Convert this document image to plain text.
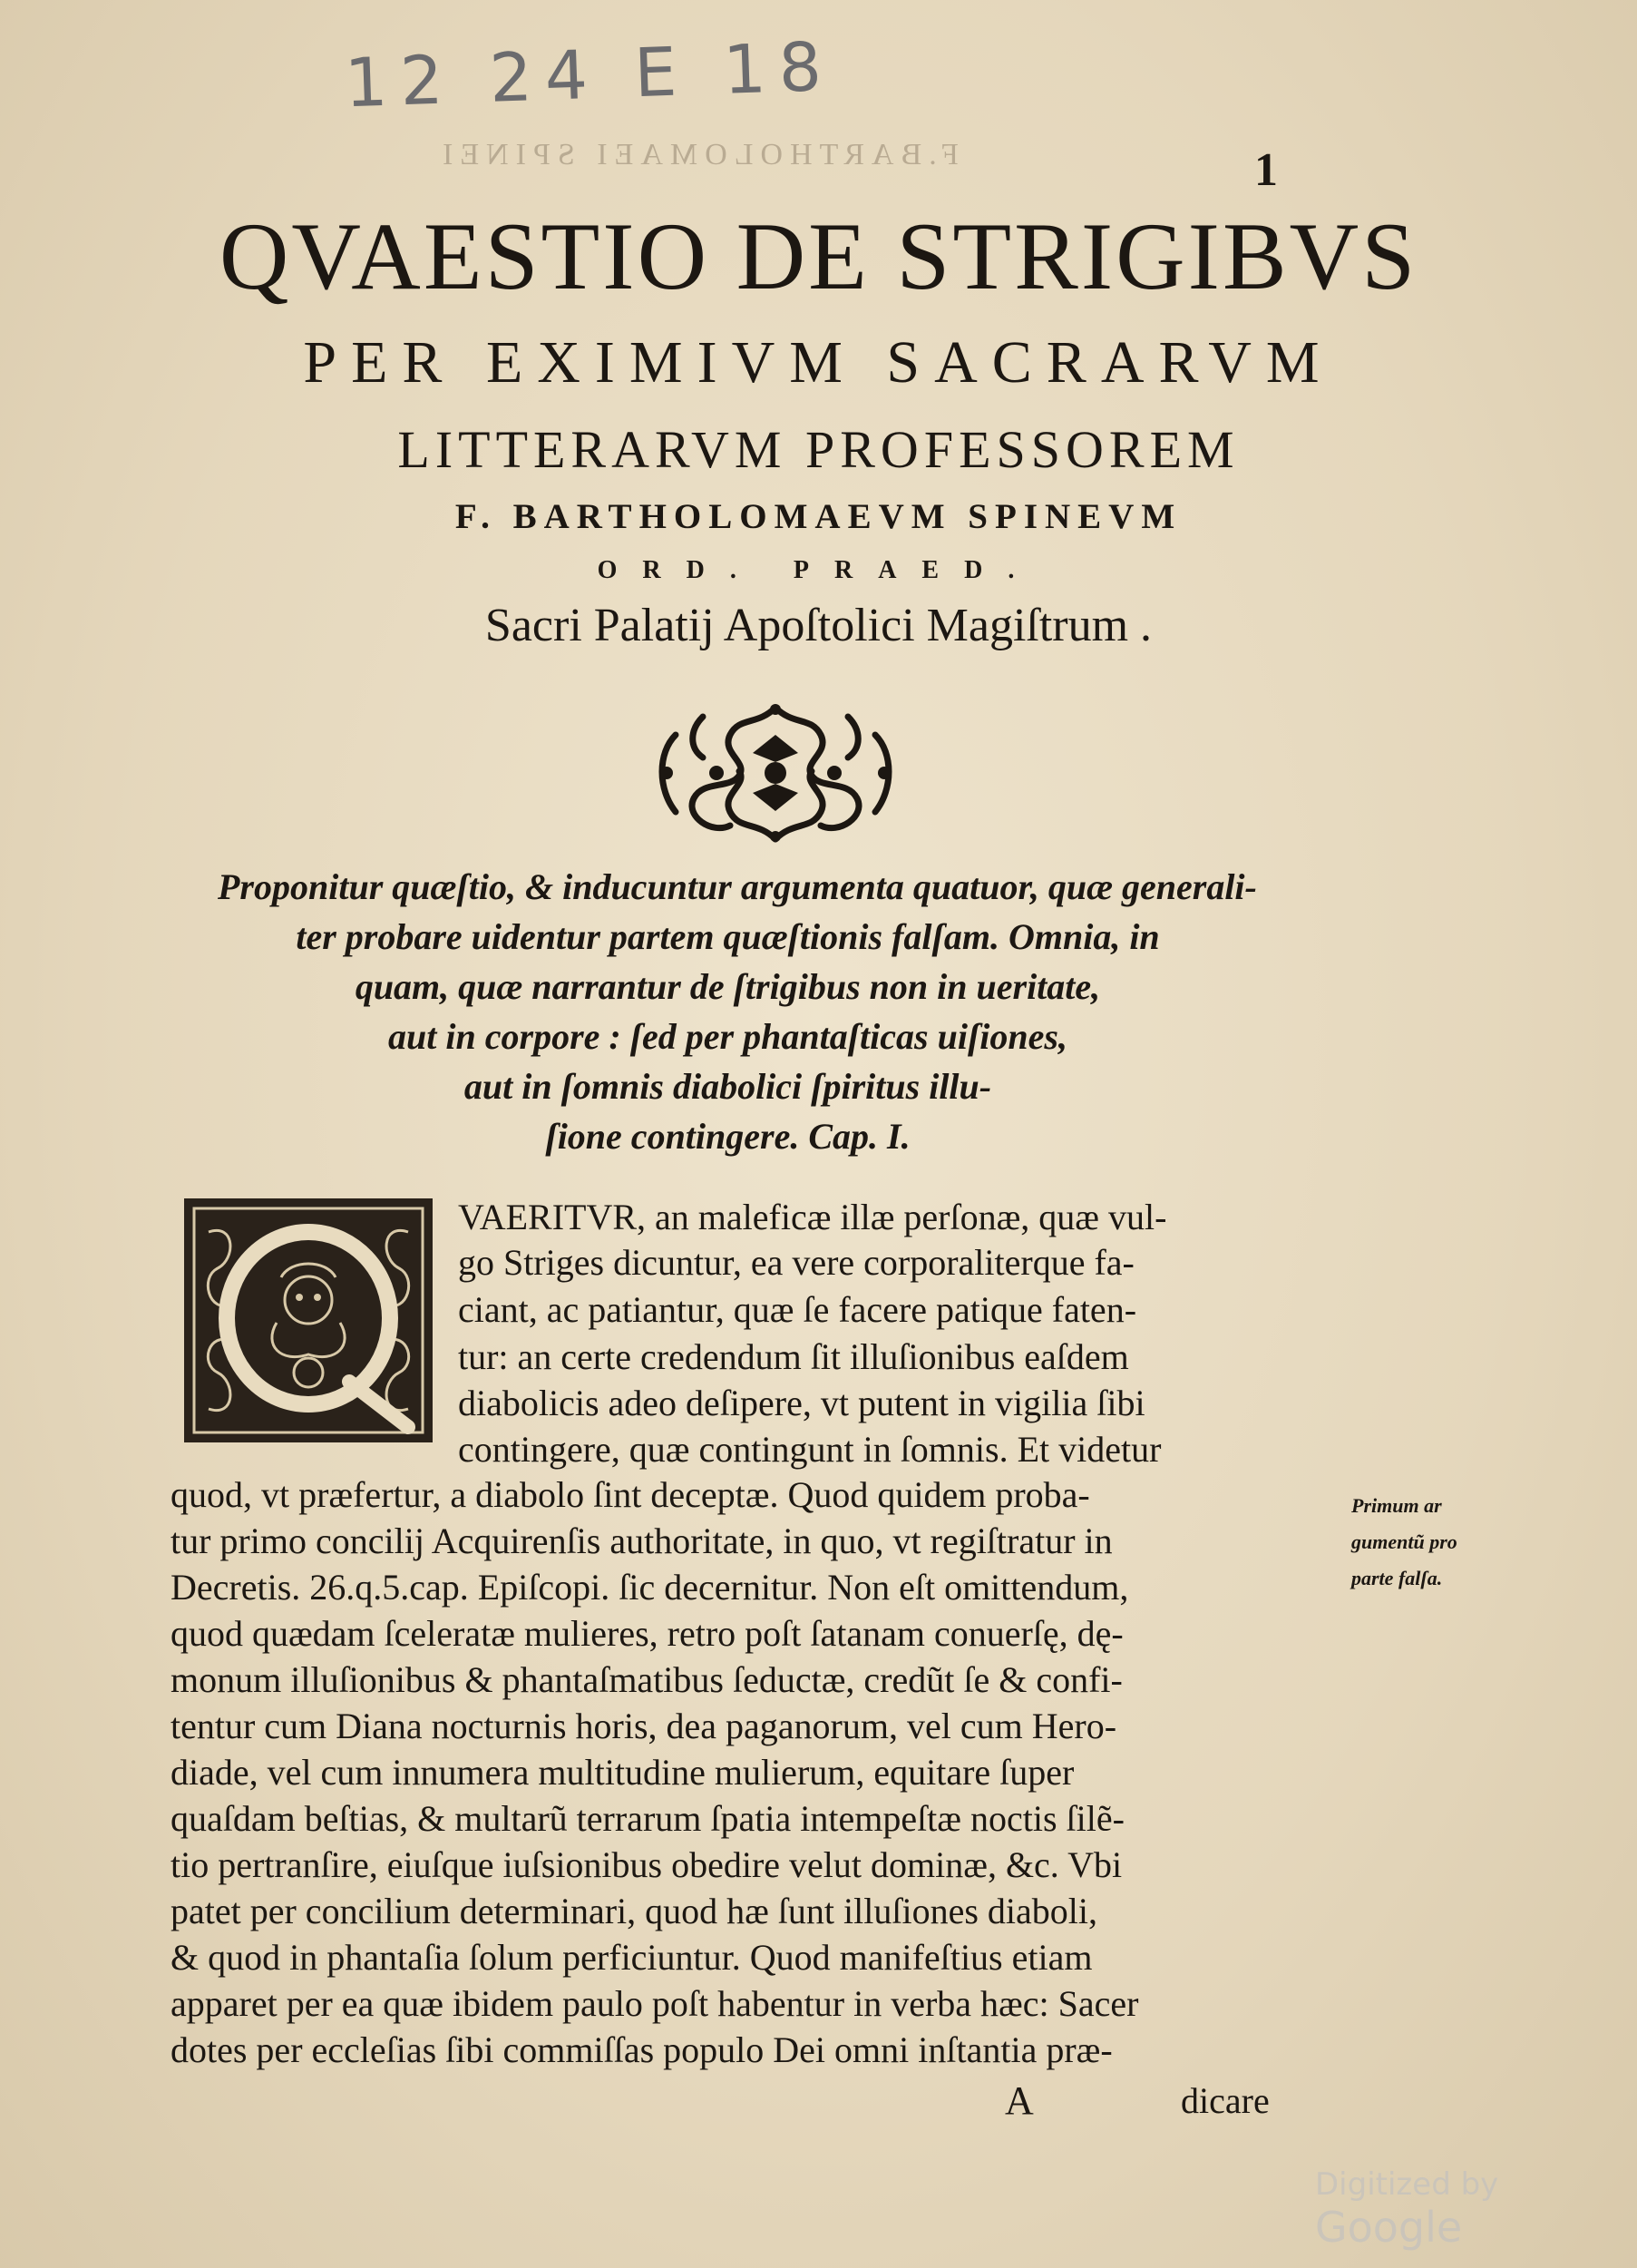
12 24 E 18
F.BARTHOLOMAEI SPINEI	1
QVAESTIO DE STRIGIBVS
PER EXIMIVM SACRARVM
LITTERARVM PROFESSOREM
F. BARTHOLOMAEVM SPINEVM
ORD. PRAED.
Sacri Palatij Apoſtolici Magiſtrum .
Proponitur quæſtio, & inducuntur argumenta quatuor, quæ generali-
ter probare uidentur partem quæſtionis falſam. Omnia, in
quam, quæ narrantur de ſtrigibus non in ueritate,
aut in corpore : ſed per phantaſticas uiſiones,
aut in ſomnis diabolici ſpiritus illu-
ſione contingere. Cap. I.
VAERITVR, an maleficæ illæ perſonæ, quæ vul-
go Striges dicuntur, ea vere corporaliterque fa-
ciant, ac patiantur, quæ ſe facere patique faten-
tur: an certe credendum ſit illuſionibus eaſdem
diabolicis adeo deſipere, vt putent in vigilia ſibi
contingere, quæ contingunt in ſomnis. Et videtur
quod, vt præfertur, a diabolo ſint deceptæ. Quod quidem proba-
tur primo concilij Acquirenſis authoritate, in quo, vt regiſtratur in
Decretis. 26.q.5.cap. Epiſcopi. ſic decernitur. Non eſt omittendum,
quod quædam ſceleratæ mulieres, retro poſt ſatanam conuerſę, dę-
monum illuſionibus & phantaſmatibus ſeductæ, credũt ſe & confi-
tentur cum Diana nocturnis horis, dea paganorum, vel cum Hero-
diade, vel cum innumera multitudine mulierum, equitare ſuper
quaſdam beſtias, & multarũ terrarum ſpatia intempeſtæ noctis ſilẽ-
tio pertranſire, eiuſque iuſsionibus obedire velut dominæ, &c. Vbi
patet per concilium determinari, quod hæ ſunt illuſiones diaboli,
& quod in phantaſia ſolum perficiuntur. Quod manifeſtius etiam
apparet per ea quæ ibidem paulo poſt habentur in verba hæc: Sacer
dotes per eccleſias ſibi commiſſas populo Dei omni inſtantia præ-
A	dicare
Primum ar
gumentũ pro
parte falſa.
Digitized by Google
